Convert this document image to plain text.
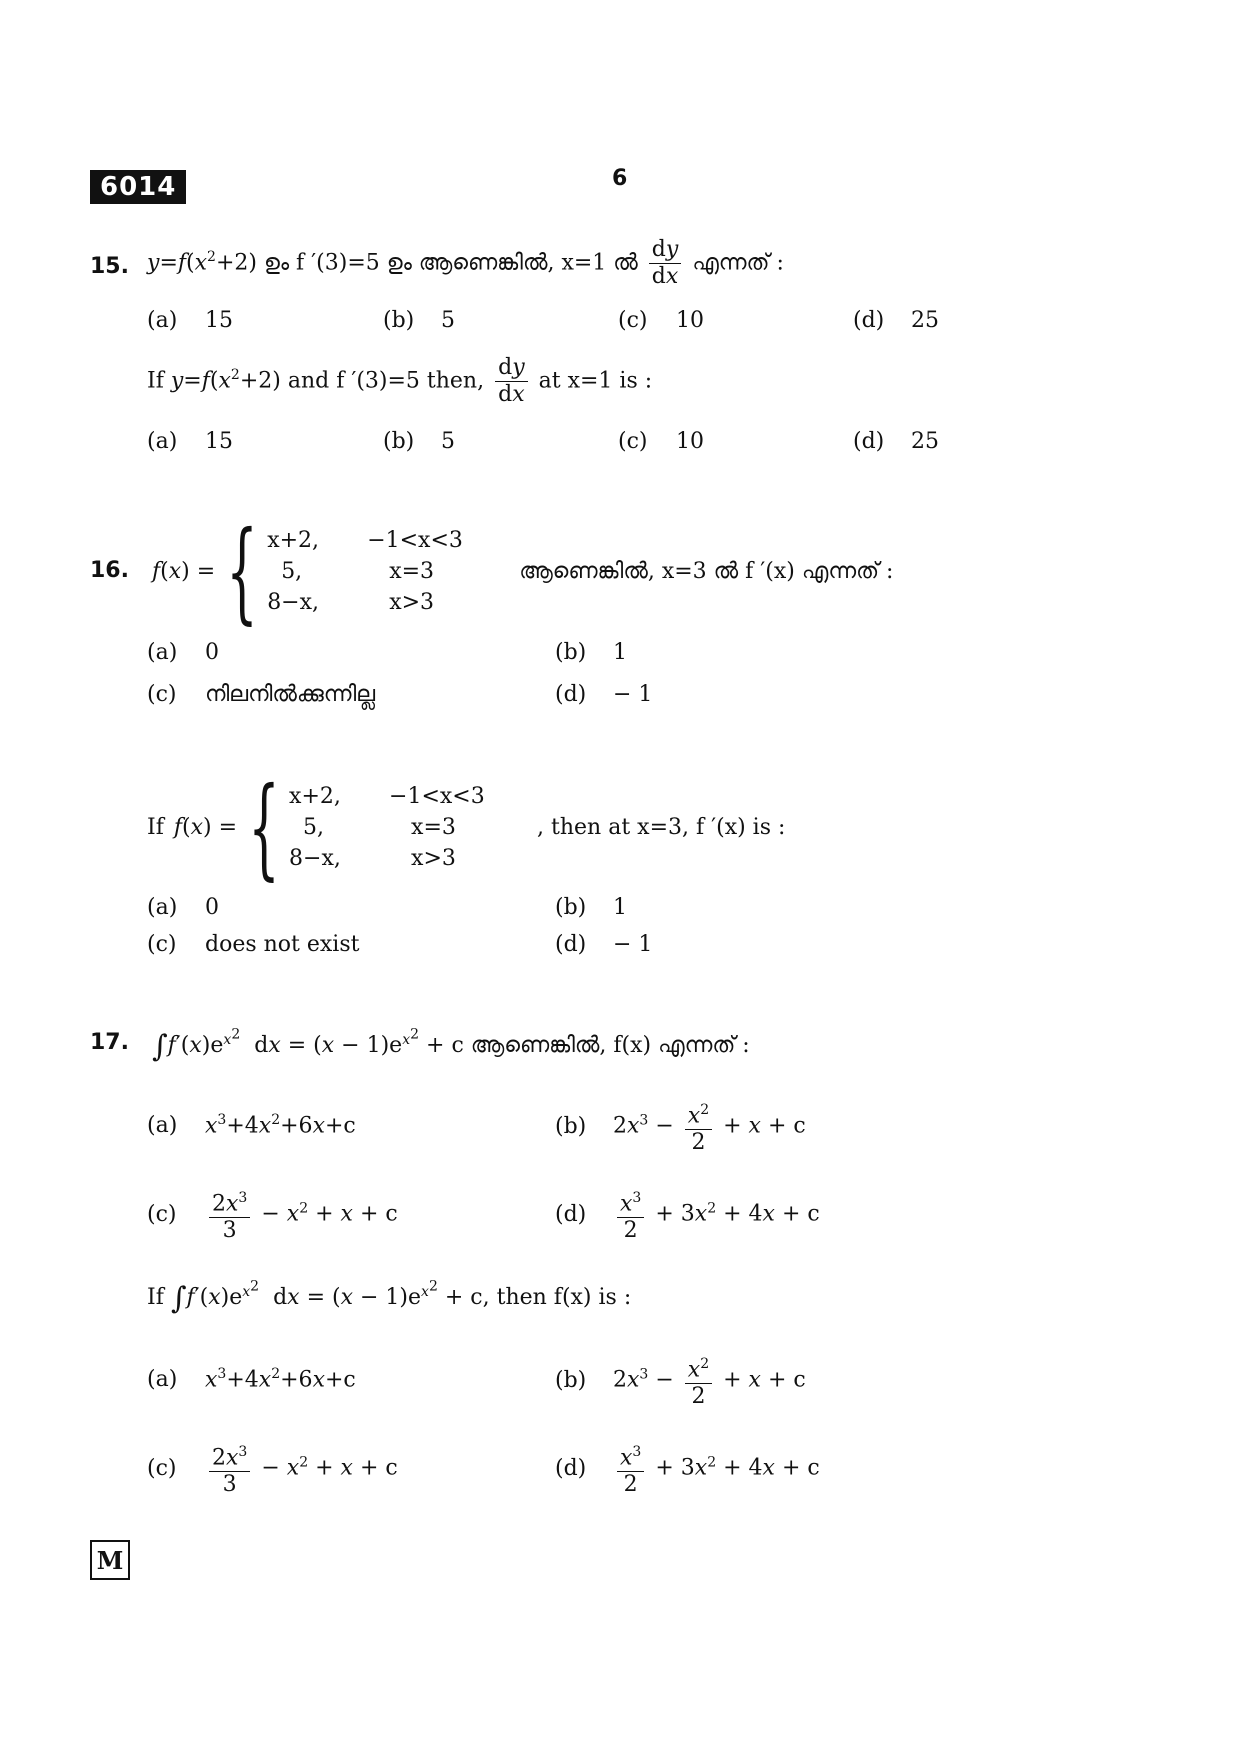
6014	6
15. $y=f(x^2+2)$ ഉം f ′(3)=5 ഉം ആണെങ്കിൽ, x=1 ൽ $\frac{dy}{dx}$ എന്നത് :
(a) 15	(b) 5	(c) 10	(d) 25
If $y=f(x^2+2)$ and f ′(3)=5 then, $\frac{dy}{dx}$ at x=1 is :
(a) 15	(b) 5	(c) 10	(d) 25
16. f(x) = { x+2,	−1<x<3
5,	x=3
8−x,	x>3
ആണെങ്കിൽ, x=3 ൽ f ′(x) എന്നത് :
(a) 0	(b) 1
(c) നിലനിൽക്കുന്നില്ല	(d) − 1
If f(x) = { x+2,	−1<x<3
5,	x=3
8−x,	x>3
, then at x=3, f ′(x) is :
(a) 0	(b) 1
(c) does not exist	(d) − 1
17. $\int f'(x)e^{x^2}$  dx = $(x - 1)e^{x^2} + c$ ആണെങ്കിൽ, f(x) എന്നത് :
(a) $x^3+4x^2+6x+c$	(b) $2x^3 - \frac{x^2}{2} + x + c$
$(c) \frac{2x^3}{3} - x^2 + x + c$	$(d) \frac{x^3}{2} + 3x^2 + 4x + c$
If $\int f'(x)e^{x^2}$  dx = $(x - 1)e^{x^2} + c$, then f(x) is :
(a) $x^3+4x^2+6x+c$	(b) $2x^3 - \frac{x^2}{2} + x + c$
$(c) \frac{2x^3}{3} - x^2 + x + c$	$(d) \frac{x^3}{2} + 3x^2 + 4x + c$
M
